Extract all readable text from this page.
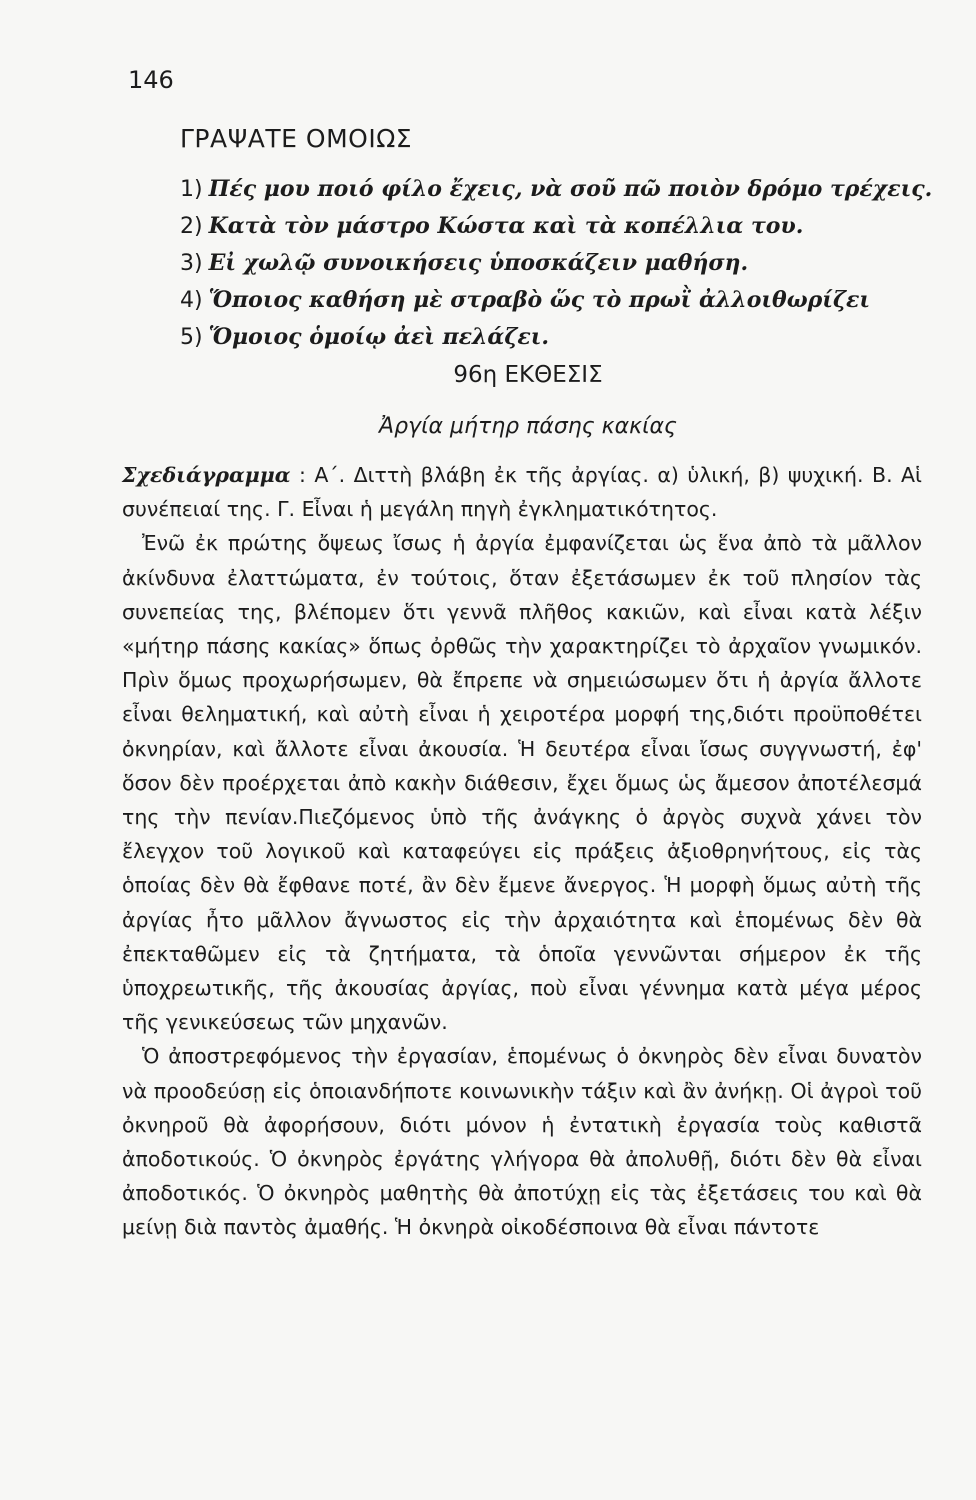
146
ΓΡΑΨΑΤΕ ΟΜΟΙΩΣ
1) Πές μου ποιό φίλο ἔχεις, νὰ σοῦ πῶ ποιὸν δρόμο τρέχεις.
2) Κατὰ τὸν μάστρο Κώστα καὶ τὰ κοπέλλια του.
3) Εἰ χωλῷ συνοικήσεις ὑποσκάζειν μαθήση.
4) Ὅποιος καθήση μὲ στραβὸ ὥς τὸ πρωῒ ἀλλοιθωρίζει
5) Ὅμοιος ὁμοίῳ ἀεὶ πελάζει.
96η ΕΚΘΕΣΙΣ
Ἀργία μήτηρ πάσης κακίας

Σχεδιάγραμμα : Α΄. Διττὴ βλάβη ἐκ τῆς ἀργίας. α) ὑλική, β) ψυχική. Β. Αἱ συνέπειαί της. Γ. Εἶναι ἡ μεγάλη πηγὴ ἐγκληματικότητος.

Ἐνῶ ἐκ πρώτης ὄψεως ἴσως ἡ ἀργία ἐμφανίζεται ὡς ἕνα ἀπὸ τὰ μᾶλλον ἀκίνδυνα ἐλαττώματα, ἐν τούτοις, ὅταν ἐξετάσωμεν ἐκ τοῦ πλησίον τὰς συνεπείας της, βλέπομεν ὅτι γεννᾶ πλῆθος κακιῶν, καὶ εἶναι κατὰ λέξιν «μήτηρ πάσης κακίας» ὅπως ὀρθῶς τὴν χαρακτηρίζει τὸ ἀρχαῖον γνωμικόν. Πρὶν ὅμως προχωρήσωμεν, θὰ ἔπρεπε νὰ σημειώσωμεν ὅτι ἡ ἀργία ἄλλοτε εἶναι θεληματική, καὶ αὐτὴ εἶναι ἡ χειροτέρα μορφή της,διότι προϋποθέτει ὀκνηρίαν, καὶ ἄλλοτε εἶναι ἀκουσία. Ἡ δευτέρα εἶναι ἴσως συγγνωστή, ἐφ' ὅσον δὲν προέρχεται ἀπὸ κακὴν διάθεσιν, ἔχει ὅμως ὡς ἄμεσον ἀποτέλεσμά της τὴν πενίαν.Πιεζόμενος ὑπὸ τῆς ἀνάγκης ὁ ἀργὸς συχνὰ χάνει τὸν ἔλεγχον τοῦ λογικοῦ καὶ καταφεύγει εἰς πράξεις ἀξιοθρηνήτους, εἰς τὰς ὁποίας δὲν θὰ ἔφθανε ποτέ, ἂν δὲν ἔμενε ἄνεργος. Ἡ μορφὴ ὅμως αὐτὴ τῆς ἀργίας ἦτο μᾶλλον ἄγνωστος εἰς τὴν ἀρχαιότητα καὶ ἑπομένως δὲν θὰ ἐπεκταθῶμεν εἰς τὰ ζητήματα, τὰ ὁποῖα γεννῶνται σήμερον ἐκ τῆς ὑποχρεωτικῆς, τῆς ἀκουσίας ἀργίας, ποὺ εἶναι γέννημα κατὰ μέγα μέρος τῆς γενικεύσεως τῶν μηχανῶν.

Ὁ ἀποστρεφόμενος τὴν ἐργασίαν, ἑπομένως ὁ ὀκνηρὸς δὲν εἶναι δυνατὸν νὰ προοδεύσῃ εἰς ὁποιανδήποτε κοινωνικὴν τάξιν καὶ ἂν ἀνήκῃ. Οἱ ἀγροὶ τοῦ ὀκνηροῦ θὰ ἀφορήσουν, διότι μόνον ἡ ἐντατικὴ ἐργασία τοὺς καθιστᾶ ἀποδοτικούς. Ὁ ὀκνηρὸς ἐργάτης γλήγορα θὰ ἀπολυθῇ, διότι δὲν θὰ εἶναι ἀποδοτικός. Ὁ ὀκνηρὸς μαθητὴς θὰ ἀποτύχῃ εἰς τὰς ἐξετάσεις του καὶ θὰ μείνῃ διὰ παντὸς ἀμαθής. Ἡ ὀκνηρὰ οἰκοδέσποινα θὰ εἶναι πάντοτε
